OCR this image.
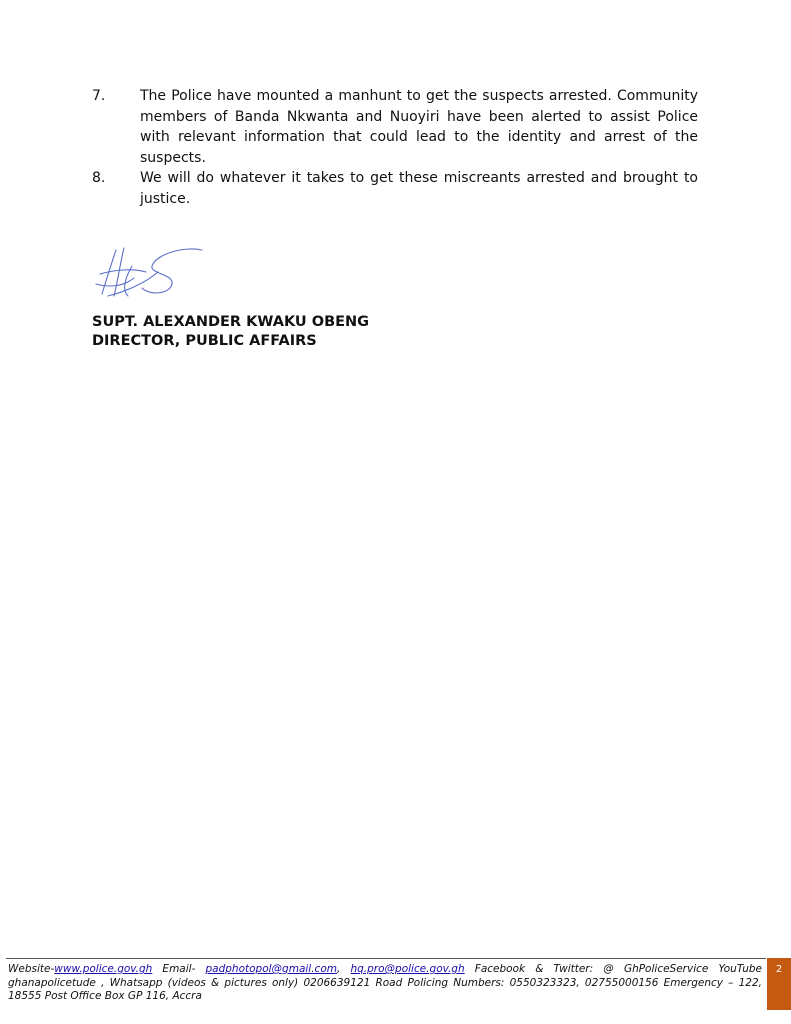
7. The Police have mounted a manhunt to get the suspects arrested. Community members of Banda Nkwanta and Nuoyiri have been alerted to assist Police with relevant information that could lead to the identity and arrest of the suspects.
8. We will do whatever it takes to get these miscreants arrested and brought to justice.
SUPT. ALEXANDER KWAKU OBENG
DIRECTOR, PUBLIC AFFAIRS
Website-www.police.gov.gh Email- padphotopol@gmail.com, hq.pro@police.gov.gh Facebook & Twitter: @ GhPoliceService YouTube ghanapolicetude , Whatsapp (videos & pictures only) 0206639121 Road Policing Numbers: 0550323323, 02755000156 Emergency – 122, 18555 Post Office Box GP 116, Accra
2
